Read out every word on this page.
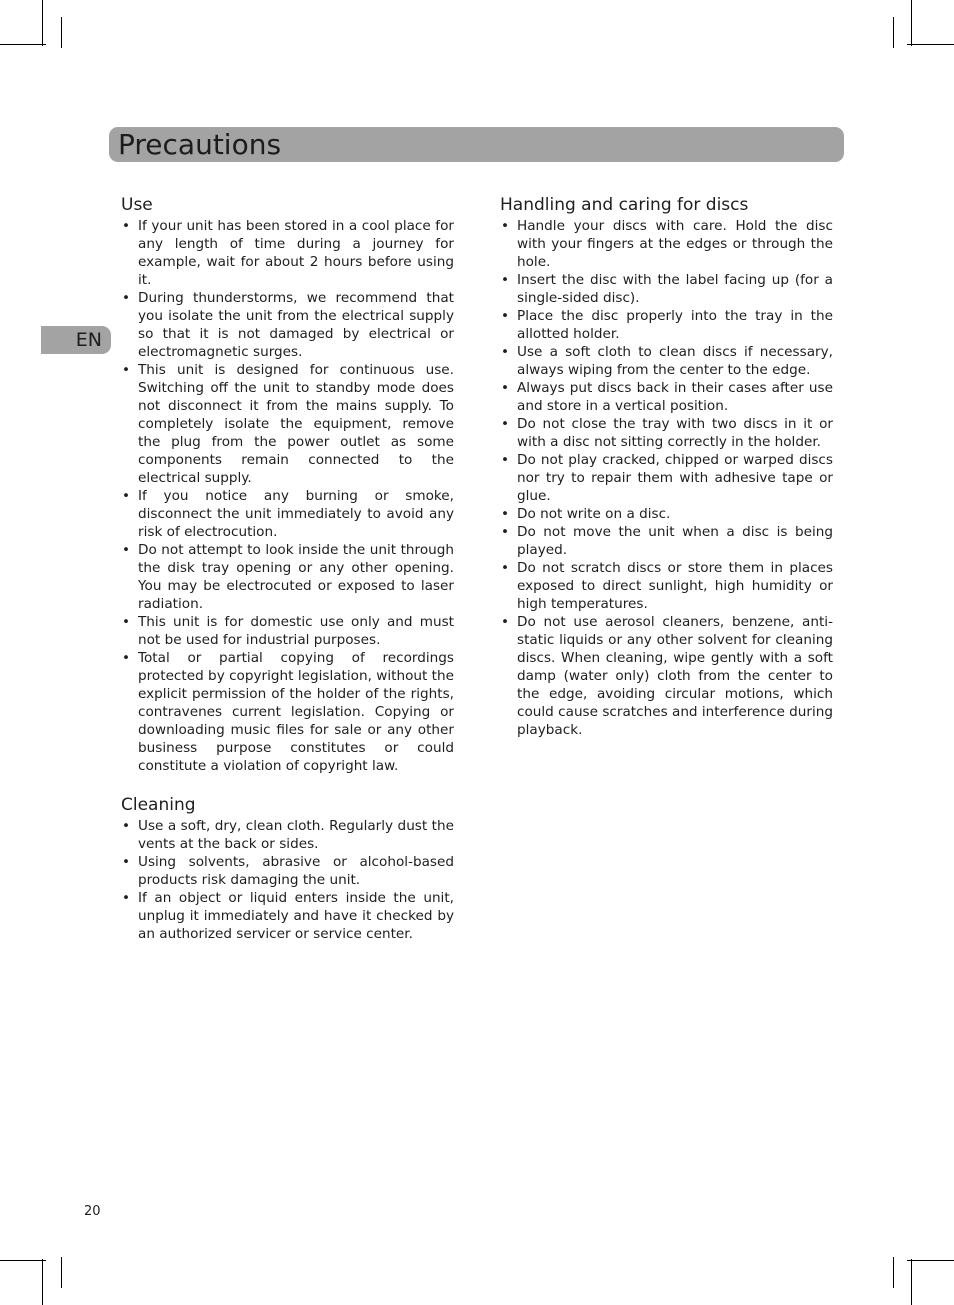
Precautions
EN
Use
• If your unit has been stored in a cool place for any length of time during a journey for example, wait for about 2 hours before using it.
• During thunderstorms, we recommend that you isolate the unit from the electrical supply so that it is not damaged by electrical or electromagnetic surges.
• This unit is designed for continuous use. Switching off the unit to standby mode does not disconnect it from the mains supply. To completely isolate the equipment, remove the plug from the power outlet as some components remain connected to the electrical supply.
• If you notice any burning or smoke, disconnect the unit immediately to avoid any risk of electrocution.
• Do not attempt to look inside the unit through the disk tray opening or any other opening. You may be electrocuted or exposed to laser radiation.
• This unit is for domestic use only and must not be used for industrial purposes.
• Total or partial copying of recordings protected by copyright legislation, without the explicit permission of the holder of the rights, contravenes current legislation. Copying or downloading music files for sale or any other business purpose constitutes or could constitute a violation of copyright law.
Cleaning
• Use a soft, dry, clean cloth. Regularly dust the vents at the back or sides.
• Using solvents, abrasive or alcohol-based products risk damaging the unit.
• If an object or liquid enters inside the unit, unplug it immediately and have it checked by an authorized servicer or service center.
Handling and caring for discs
• Handle your discs with care. Hold the disc with your fingers at the edges or through the hole.
• Insert the disc with the label facing up (for a single-sided disc).
• Place the disc properly into the tray in the allotted holder.
• Use a soft cloth to clean discs if necessary, always wiping from the center to the edge.
• Always put discs back in their cases after use and store in a vertical position.
• Do not close the tray with two discs in it or with a disc not sitting correctly in the holder.
• Do not play cracked, chipped or warped discs nor try to repair them with adhesive tape or glue.
• Do not write on a disc.
• Do not move the unit when a disc is being played.
• Do not scratch discs or store them in places exposed to direct sunlight, high humidity or high temperatures.
• Do not use aerosol cleaners, benzene, anti-static liquids or any other solvent for cleaning discs. When cleaning, wipe gently with a soft damp (water only) cloth from the center to the edge, avoiding circular motions, which could cause scratches and interference during playback.
20
